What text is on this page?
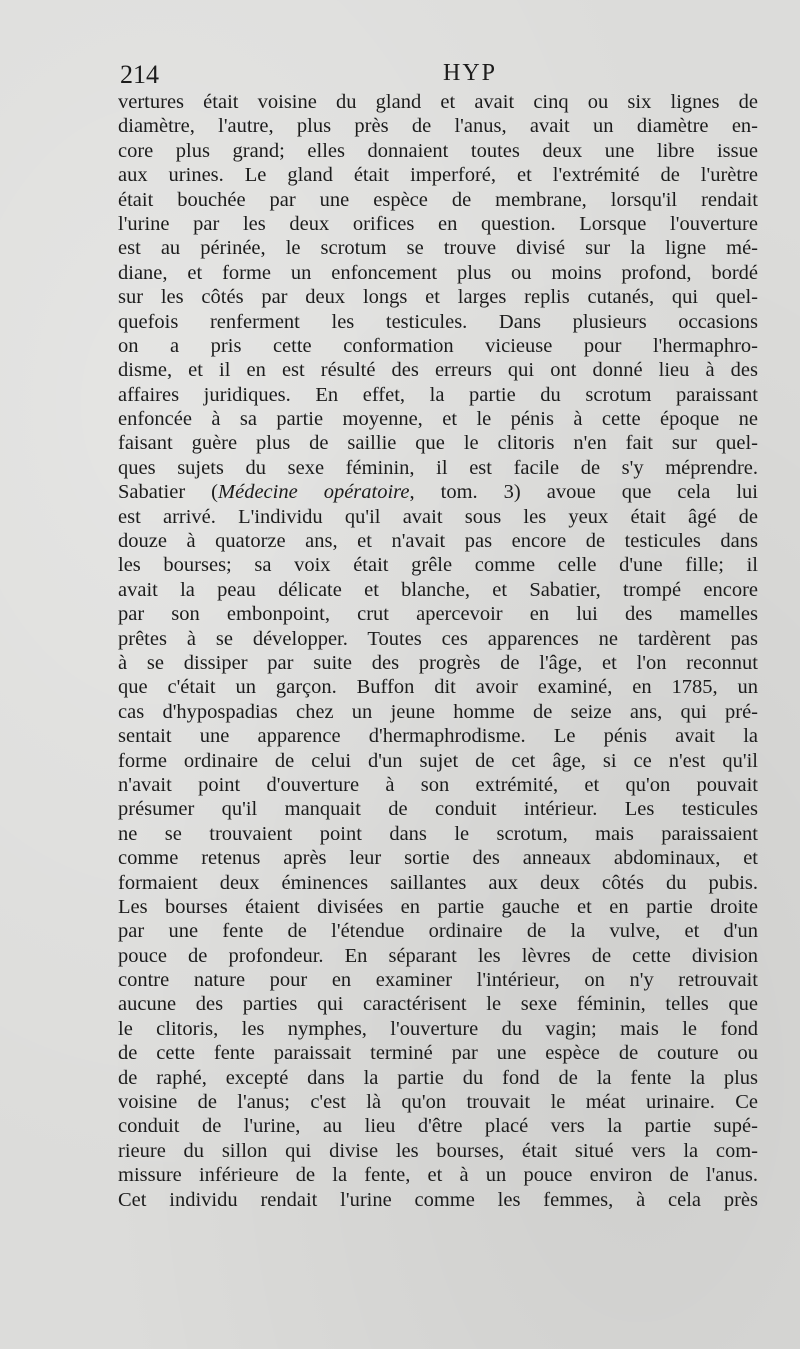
214	HYP
vertures était voisine du gland et avait cinq ou six lignes de
diamètre, l'autre, plus près de l'anus, avait un diamètre en-
core plus grand; elles donnaient toutes deux une libre issue
aux urines. Le gland était imperforé, et l'extrémité de l'urètre
était bouchée par une espèce de membrane, lorsqu'il rendait
l'urine par les deux orifices en question. Lorsque l'ouverture
est au périnée, le scrotum se trouve divisé sur la ligne mé-
diane, et forme un enfoncement plus ou moins profond, bordé
sur les côtés par deux longs et larges replis cutanés, qui quel-
quefois renferment les testicules. Dans plusieurs occasions
on a pris cette conformation vicieuse pour l'hermaphro-
disme, et il en est résulté des erreurs qui ont donné lieu à des
affaires juridiques. En effet, la partie du scrotum paraissant
enfoncée à sa partie moyenne, et le pénis à cette époque ne
faisant guère plus de saillie que le clitoris n'en fait sur quel-
ques sujets du sexe féminin, il est facile de s'y méprendre.
Sabatier (Médecine opératoire, tom. 3) avoue que cela lui
est arrivé. L'individu qu'il avait sous les yeux était âgé de
douze à quatorze ans, et n'avait pas encore de testicules dans
les bourses; sa voix était grêle comme celle d'une fille; il
avait la peau délicate et blanche, et Sabatier, trompé encore
par son embonpoint, crut apercevoir en lui des mamelles
prêtes à se développer. Toutes ces apparences ne tardèrent pas
à se dissiper par suite des progrès de l'âge, et l'on reconnut
que c'était un garçon. Buffon dit avoir examiné, en 1785, un
cas d'hypospadias chez un jeune homme de seize ans, qui pré-
sentait une apparence d'hermaphrodisme. Le pénis avait la
forme ordinaire de celui d'un sujet de cet âge, si ce n'est qu'il
n'avait point d'ouverture à son extrémité, et qu'on pouvait
présumer qu'il manquait de conduit intérieur. Les testicules
ne se trouvaient point dans le scrotum, mais paraissaient
comme retenus après leur sortie des anneaux abdominaux, et
formaient deux éminences saillantes aux deux côtés du pubis.
Les bourses étaient divisées en partie gauche et en partie droite
par une fente de l'étendue ordinaire de la vulve, et d'un
pouce de profondeur. En séparant les lèvres de cette division
contre nature pour en examiner l'intérieur, on n'y retrouvait
aucune des parties qui caractérisent le sexe féminin, telles que
le clitoris, les nymphes, l'ouverture du vagin; mais le fond
de cette fente paraissait terminé par une espèce de couture ou
de raphé, excepté dans la partie du fond de la fente la plus
voisine de l'anus; c'est là qu'on trouvait le méat urinaire. Ce
conduit de l'urine, au lieu d'être placé vers la partie supé-
rieure du sillon qui divise les bourses, était situé vers la com-
missure inférieure de la fente, et à un pouce environ de l'anus.
Cet individu rendait l'urine comme les femmes, à cela près
